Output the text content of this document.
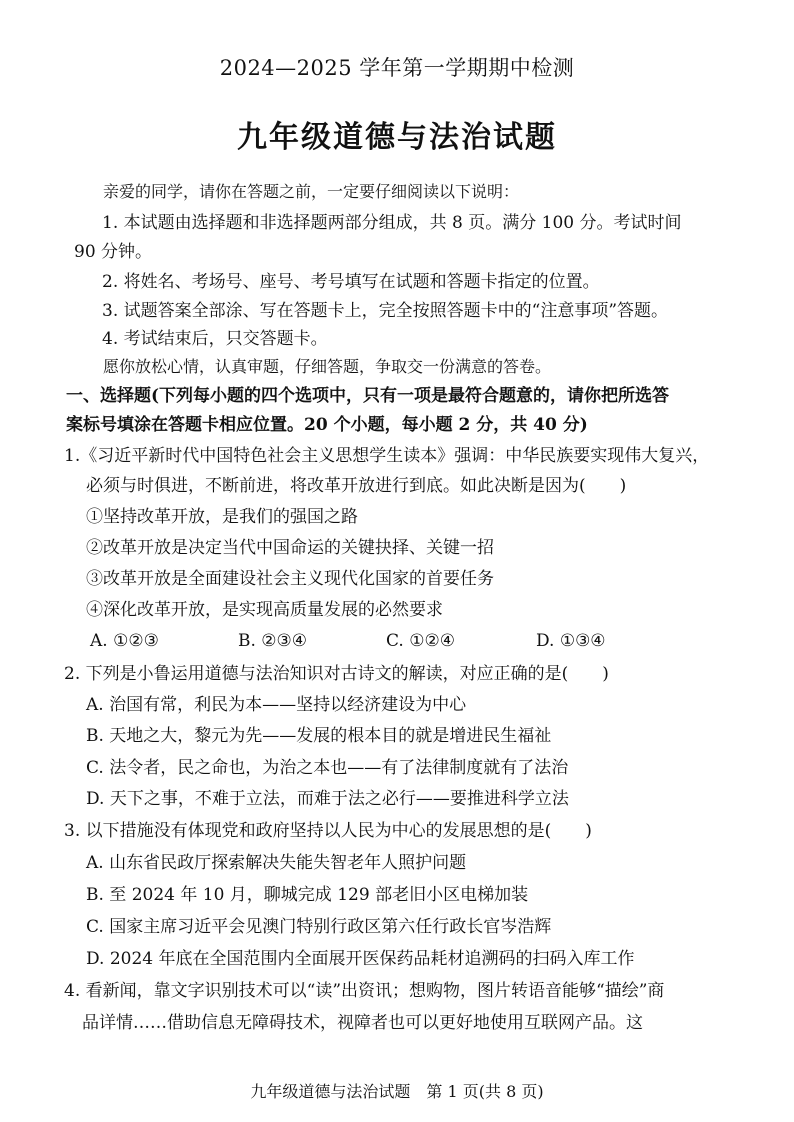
2024—2025 学年第一学期期中检测
九年级道德与法治试题
亲爱的同学，请你在答题之前，一定要仔细阅读以下说明：
1. 本试题由选择题和非选择题两部分组成，共 8 页。满分 100 分。考试时间
90 分钟。
2. 将姓名、考场号、座号、考号填写在试题和答题卡指定的位置。
3. 试题答案全部涂、写在答题卡上，完全按照答题卡中的“注意事项”答题。
4. 考试结束后，只交答题卡。
愿你放松心情，认真审题，仔细答题，争取交一份满意的答卷。
一、选择题(下列每小题的四个选项中，只有一项是最符合题意的，请你把所选答
案标号填涂在答题卡相应位置。20 个小题，每小题 2 分，共 40 分)
1.《习近平新时代中国特色社会主义思想学生读本》强调：中华民族要实现伟大复兴，
必须与时俱进，不断前进，将改革开放进行到底。如此决断是因为(　　)
①坚持改革开放，是我们的强国之路
②改革开放是决定当代中国命运的关键抉择、关键一招
③改革开放是全面建设社会主义现代化国家的首要任务
④深化改革开放，是实现高质量发展的必然要求
A. ①②③	B. ②③④	C. ①②④	D. ①③④
2. 下列是小鲁运用道德与法治知识对古诗文的解读，对应正确的是(　　)
A. 治国有常，利民为本——坚持以经济建设为中心
B. 天地之大，黎元为先——发展的根本目的就是增进民生福祉
C. 法令者，民之命也，为治之本也——有了法律制度就有了法治
D. 天下之事，不难于立法，而难于法之必行——要推进科学立法
3. 以下措施没有体现党和政府坚持以人民为中心的发展思想的是(　　)
A. 山东省民政厅探索解决失能失智老年人照护问题
B. 至 2024 年 10 月，聊城完成 129 部老旧小区电梯加装
C. 国家主席习近平会见澳门特别行政区第六任行政长官岑浩辉
D. 2024 年底在全国范围内全面展开医保药品耗材追溯码的扫码入库工作
4. 看新闻，靠文字识别技术可以“读”出资讯；想购物，图片转语音能够“描绘”商
品详情……借助信息无障碍技术，视障者也可以更好地使用互联网产品。这
九年级道德与法治试题　第 1 页(共 8 页)
